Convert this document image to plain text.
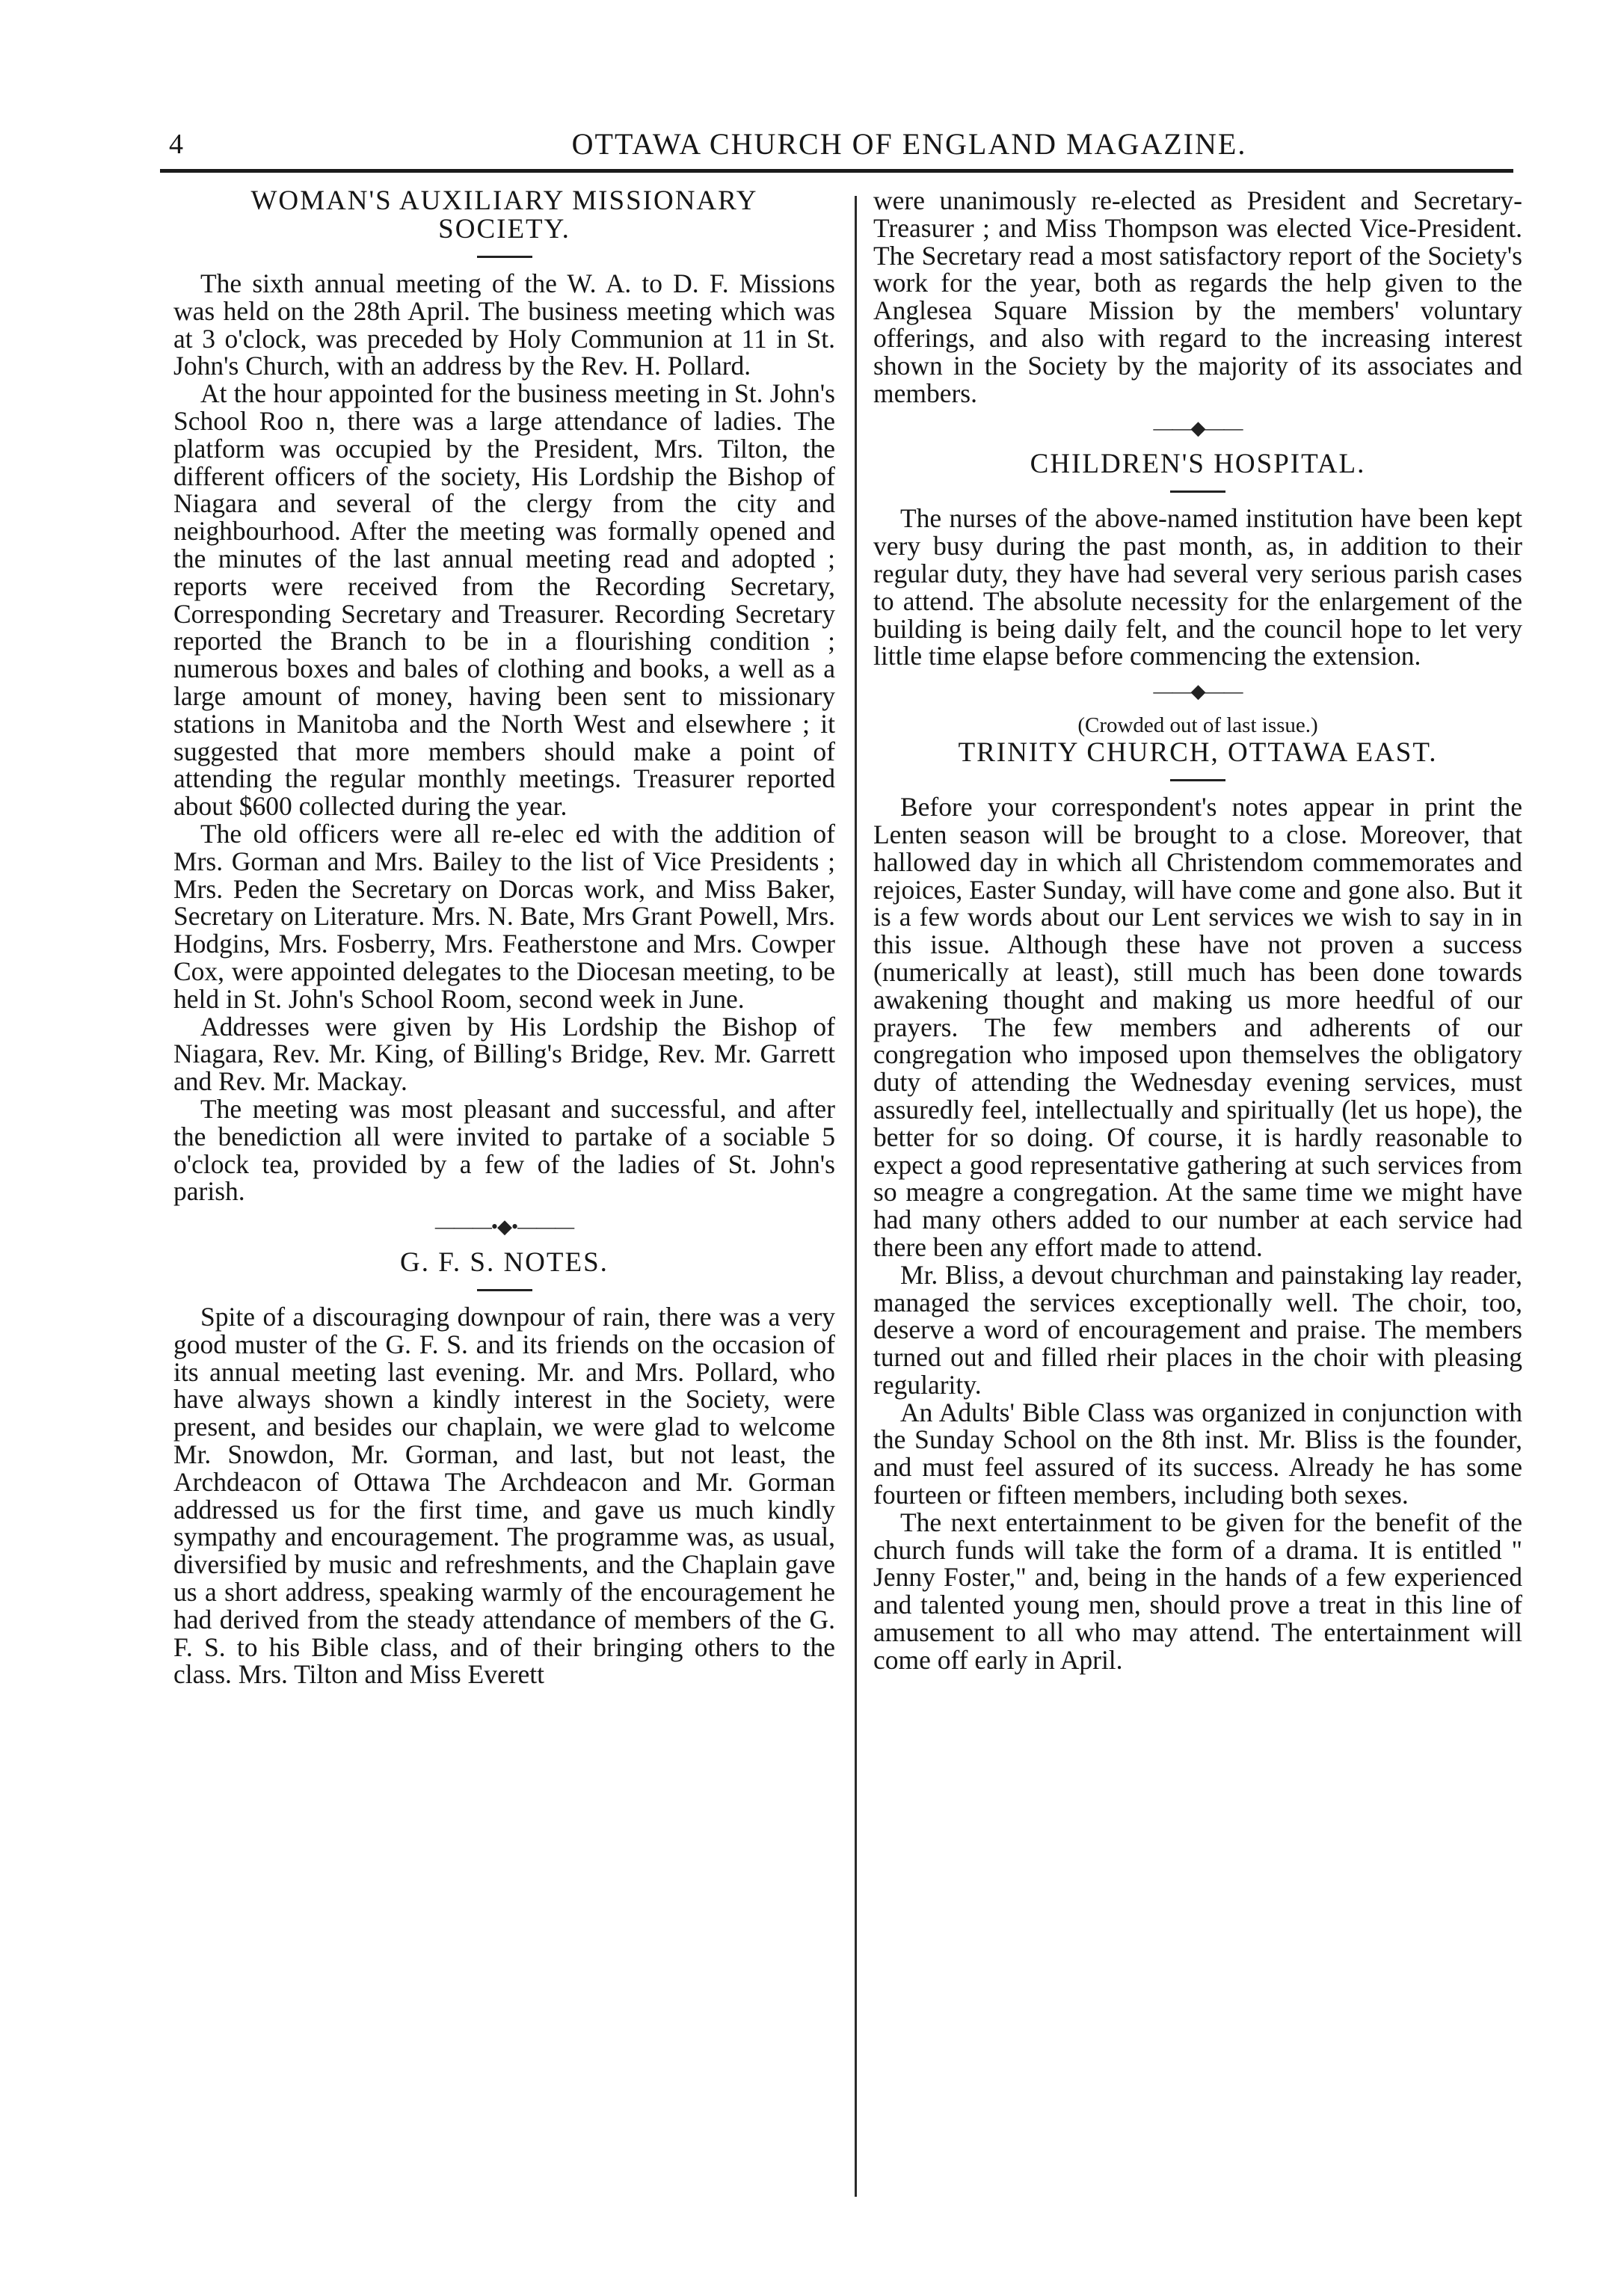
4	OTTAWA CHURCH OF ENGLAND MAGAZINE.
WOMAN'S AUXILIARY MISSIONARY
SOCIETY.

The sixth annual meeting of the W. A. to D. F. Missions was held on the 28th April. The business meeting which was at 3 o'clock, was preceded by Holy Communion at 11 in St. John's Church, with an address by the Rev. H. Pollard.

At the hour appointed for the business meeting in St. John's School Roo n, there was a large attendance of ladies. The platform was occupied by the President, Mrs. Tilton, the different officers of the society, His Lordship the Bishop of Niagara and several of the clergy from the city and neighbourhood. After the meeting was formally opened and the minutes of the last annual meeting read and adopted ; reports were received from the Recording Secretary, Corresponding Secretary and Treasurer. Recording Secretary reported the Branch to be in a flourishing condition ; numerous boxes and bales of clothing and books, a well as a large amount of money, having been sent to missionary stations in Manitoba and the North West and elsewhere ; it suggested that more members should make a point of attending the regular monthly meetings. Treasurer reported about $600 collected during the year.

The old officers were all re-elec ed with the addition of Mrs. Gorman and Mrs. Bailey to the list of Vice Presidents ; Mrs. Peden the Secretary on Dorcas work, and Miss Baker, Secretary on Literature. Mrs. N. Bate, Mrs Grant Powell, Mrs. Hodgins, Mrs. Fosberry, Mrs. Featherstone and Mrs. Cowper Cox, were appointed delegates to the Diocesan meeting, to be held in St. John's School Room, second week in June.

Addresses were given by His Lordship the Bishop of Niagara, Rev. Mr. King, of Billing's Bridge, Rev. Mr. Garrett and Rev. Mr. Mackay.

The meeting was most pleasant and successful, and after the benediction all were invited to partake of a sociable 5 o'clock tea, provided by a few of the ladies of St. John's parish.

———•◆•———
G. F. S. NOTES.

Spite of a discouraging downpour of rain, there was a very good muster of the G. F. S. and its friends on the occasion of its annual meeting last evening. Mr. and Mrs. Pollard, who have always shown a kindly interest in the Society, were present, and besides our chaplain, we were glad to welcome Mr. Snowdon, Mr. Gorman, and last, but not least, the Archdeacon of Ottawa The Archdeacon and Mr. Gorman addressed us for the first time, and gave us much kindly sympathy and encouragement. The programme was, as usual, diversified by music and refreshments, and the Chaplain gave us a short address, speaking warmly of the encouragement he had derived from the steady attendance of members of the G. F. S. to his Bible class, and of their bringing others to the class. Mrs. Tilton and Miss Everett

were unanimously re-elected as President and Secretary-Treasurer ; and Miss Thompson was elected Vice-President. The Secretary read a most satisfactory report of the Society's work for the year, both as regards the help given to the Anglesea Square Mission by the members' voluntary offerings, and also with regard to the increasing interest shown in the Society by the majority of its associates and members.

——◆——
CHILDREN'S HOSPITAL.

The nurses of the above-named institution have been kept very busy during the past month, as, in addition to their regular duty, they have had several very serious parish cases to attend. The absolute necessity for the enlargement of the building is being daily felt, and the council hope to let very little time elapse before commencing the extension.

——◆——
(Crowded out of last issue.)
TRINITY CHURCH, OTTAWA EAST.

Before your correspondent's notes appear in print the Lenten season will be brought to a close. Moreover, that hallowed day in which all Christendom commemorates and rejoices, Easter Sunday, will have come and gone also. But it is a few words about our Lent services we wish to say in in this issue. Although these have not proven a success (numerically at least), still much has been done towards awakening thought and making us more heedful of our prayers. The few members and adherents of our congregation who imposed upon themselves the obligatory duty of attending the Wednesday evening services, must assuredly feel, intellectually and spiritually (let us hope), the better for so doing. Of course, it is hardly reasonable to expect a good representative gathering at such services from so meagre a congregation. At the same time we might have had many others added to our number at each service had there been any effort made to attend.

Mr. Bliss, a devout churchman and painstaking lay reader, managed the services exceptionally well. The choir, too, deserve a word of encouragement and praise. The members turned out and filled rheir places in the choir with pleasing regularity.

An Adults' Bible Class was organized in conjunction with the Sunday School on the 8th inst. Mr. Bliss is the founder, and must feel assured of its success. Already he has some fourteen or fifteen members, including both sexes.

The next entertainment to be given for the benefit of the church funds will take the form of a drama. It is entitled " Jenny Foster," and, being in the hands of a few experienced and talented young men, should prove a treat in this line of amusement to all who may attend. The entertainment will come off early in April.
